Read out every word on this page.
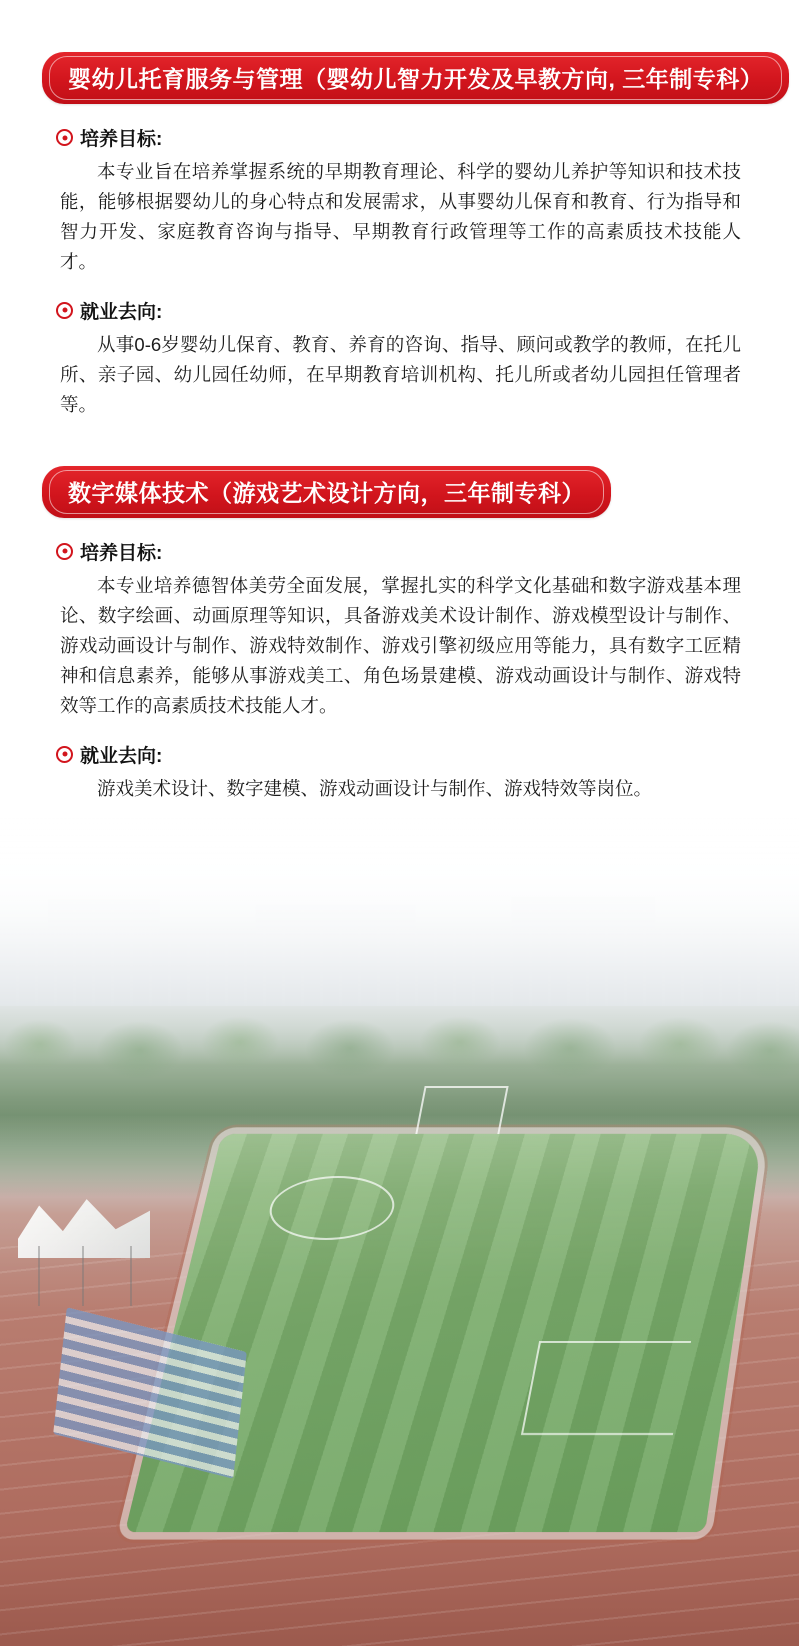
婴幼儿托育服务与管理（婴幼儿智力开发及早教方向, 三年制专科）
培养目标:

本专业旨在培养掌握系统的早期教育理论、科学的婴幼儿养护等知识和技术技能，能够根据婴幼儿的身心特点和发展需求，从事婴幼儿保育和教育、行为指导和智力开发、家庭教育咨询与指导、早期教育行政管理等工作的高素质技术技能人才。

就业去向:

从事0-6岁婴幼儿保育、教育、养育的咨询、指导、顾问或教学的教师，在托儿所、亲子园、幼儿园任幼师，在早期教育培训机构、托儿所或者幼儿园担任管理者等。

数字媒体技术（游戏艺术设计方向，三年制专科）
培养目标:

本专业培养德智体美劳全面发展，掌握扎实的科学文化基础和数字游戏基本理论、数字绘画、动画原理等知识，具备游戏美术设计制作、游戏模型设计与制作、游戏动画设计与制作、游戏特效制作、游戏引擎初级应用等能力，具有数字工匠精神和信息素养，能够从事游戏美工、角色场景建模、游戏动画设计与制作、游戏特效等工作的高素质技术技能人才。

就业去向:

游戏美术设计、数字建模、游戏动画设计与制作、游戏特效等岗位。
